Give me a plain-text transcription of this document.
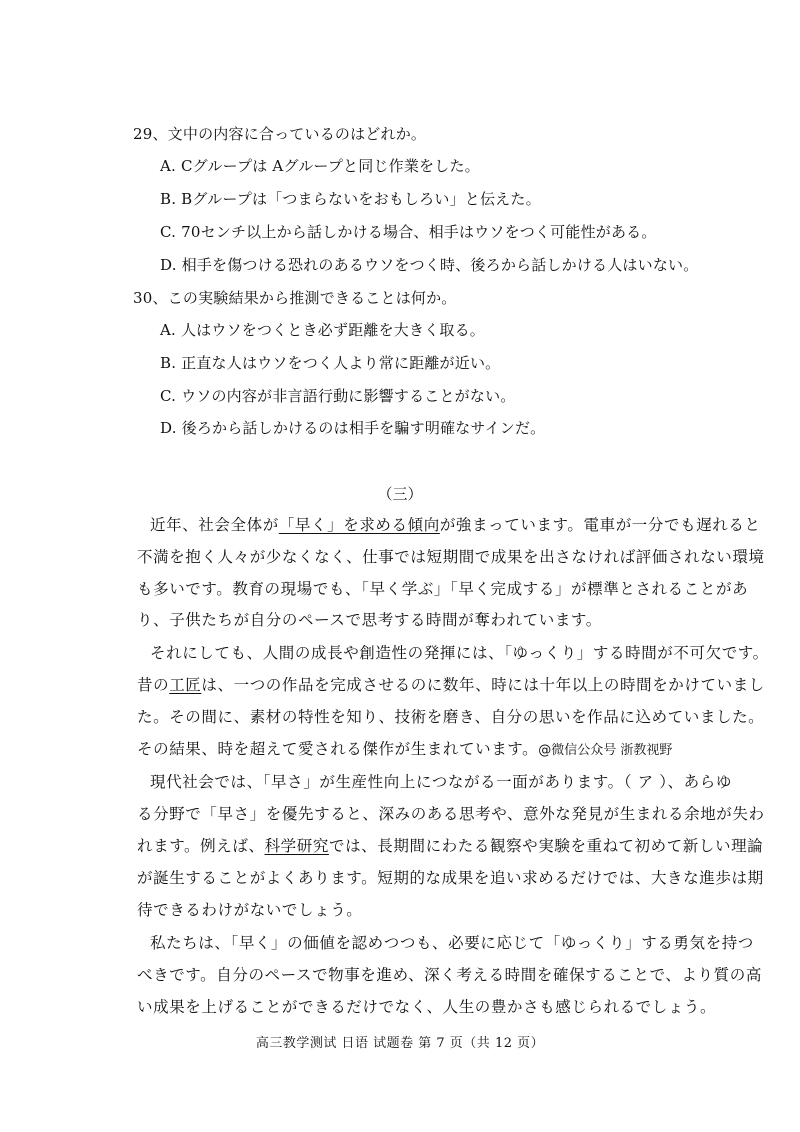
29、文中の内容に合っているのはどれか。
A. Cグループは Aグループと同じ作業をした。
B. Bグループは「つまらないをおもしろい」と伝えた。
C. 70センチ以上から話しかける場合、相手はウソをつく可能性がある。
D. 相手を傷つける恐れのあるウソをつく時、後ろから話しかける人はいない。
30、この実験結果から推測できることは何か。
A. 人はウソをつくとき必ず距離を大きく取る。
B. 正直な人はウソをつく人より常に距離が近い。
C. ウソの内容が非言語行動に影響することがない。
D. 後ろから話しかけるのは相手を騙す明確なサインだ。
（三）
近年、社会全体が「早く」を求める傾向が強まっています。電車が一分でも遅れると
不満を抱く人々が少なくなく、仕事では短期間で成果を出さなければ評価されない環境
も多いです。教育の現場でも、「早く学ぶ」「早く完成する」が標準とされることがあ
り、子供たちが自分のペースで思考する時間が奪われています。
それにしても、人間の成長や創造性の発揮には、「ゆっくり」する時間が不可欠です。
昔の工匠は、一つの作品を完成させるのに数年、時には十年以上の時間をかけていまし
た。その間に、素材の特性を知り、技術を磨き、自分の思いを作品に込めていました。
その結果、時を超えて愛される傑作が生まれています。@微信公众号 浙教视野
現代社会では、「早さ」が生産性向上につながる一面があります。（ ア ）、あらゆ
る分野で「早さ」を優先すると、深みのある思考や、意外な発見が生まれる余地が失わ
れます。例えば、科学研究では、長期間にわたる観察や実験を重ねて初めて新しい理論
が誕生することがよくあります。短期的な成果を追い求めるだけでは、大きな進歩は期
待できるわけがないでしょう。
私たちは、「早く」の価値を認めつつも、必要に応じて「ゆっくり」する勇気を持つ
べきです。自分のペースで物事を進め、深く考える時間を確保することで、より質の高
い成果を上げることができるだけでなく、人生の豊かさも感じられるでしょう。
高三教学测试 日语 试题卷 第 7 页（共 12 页）
